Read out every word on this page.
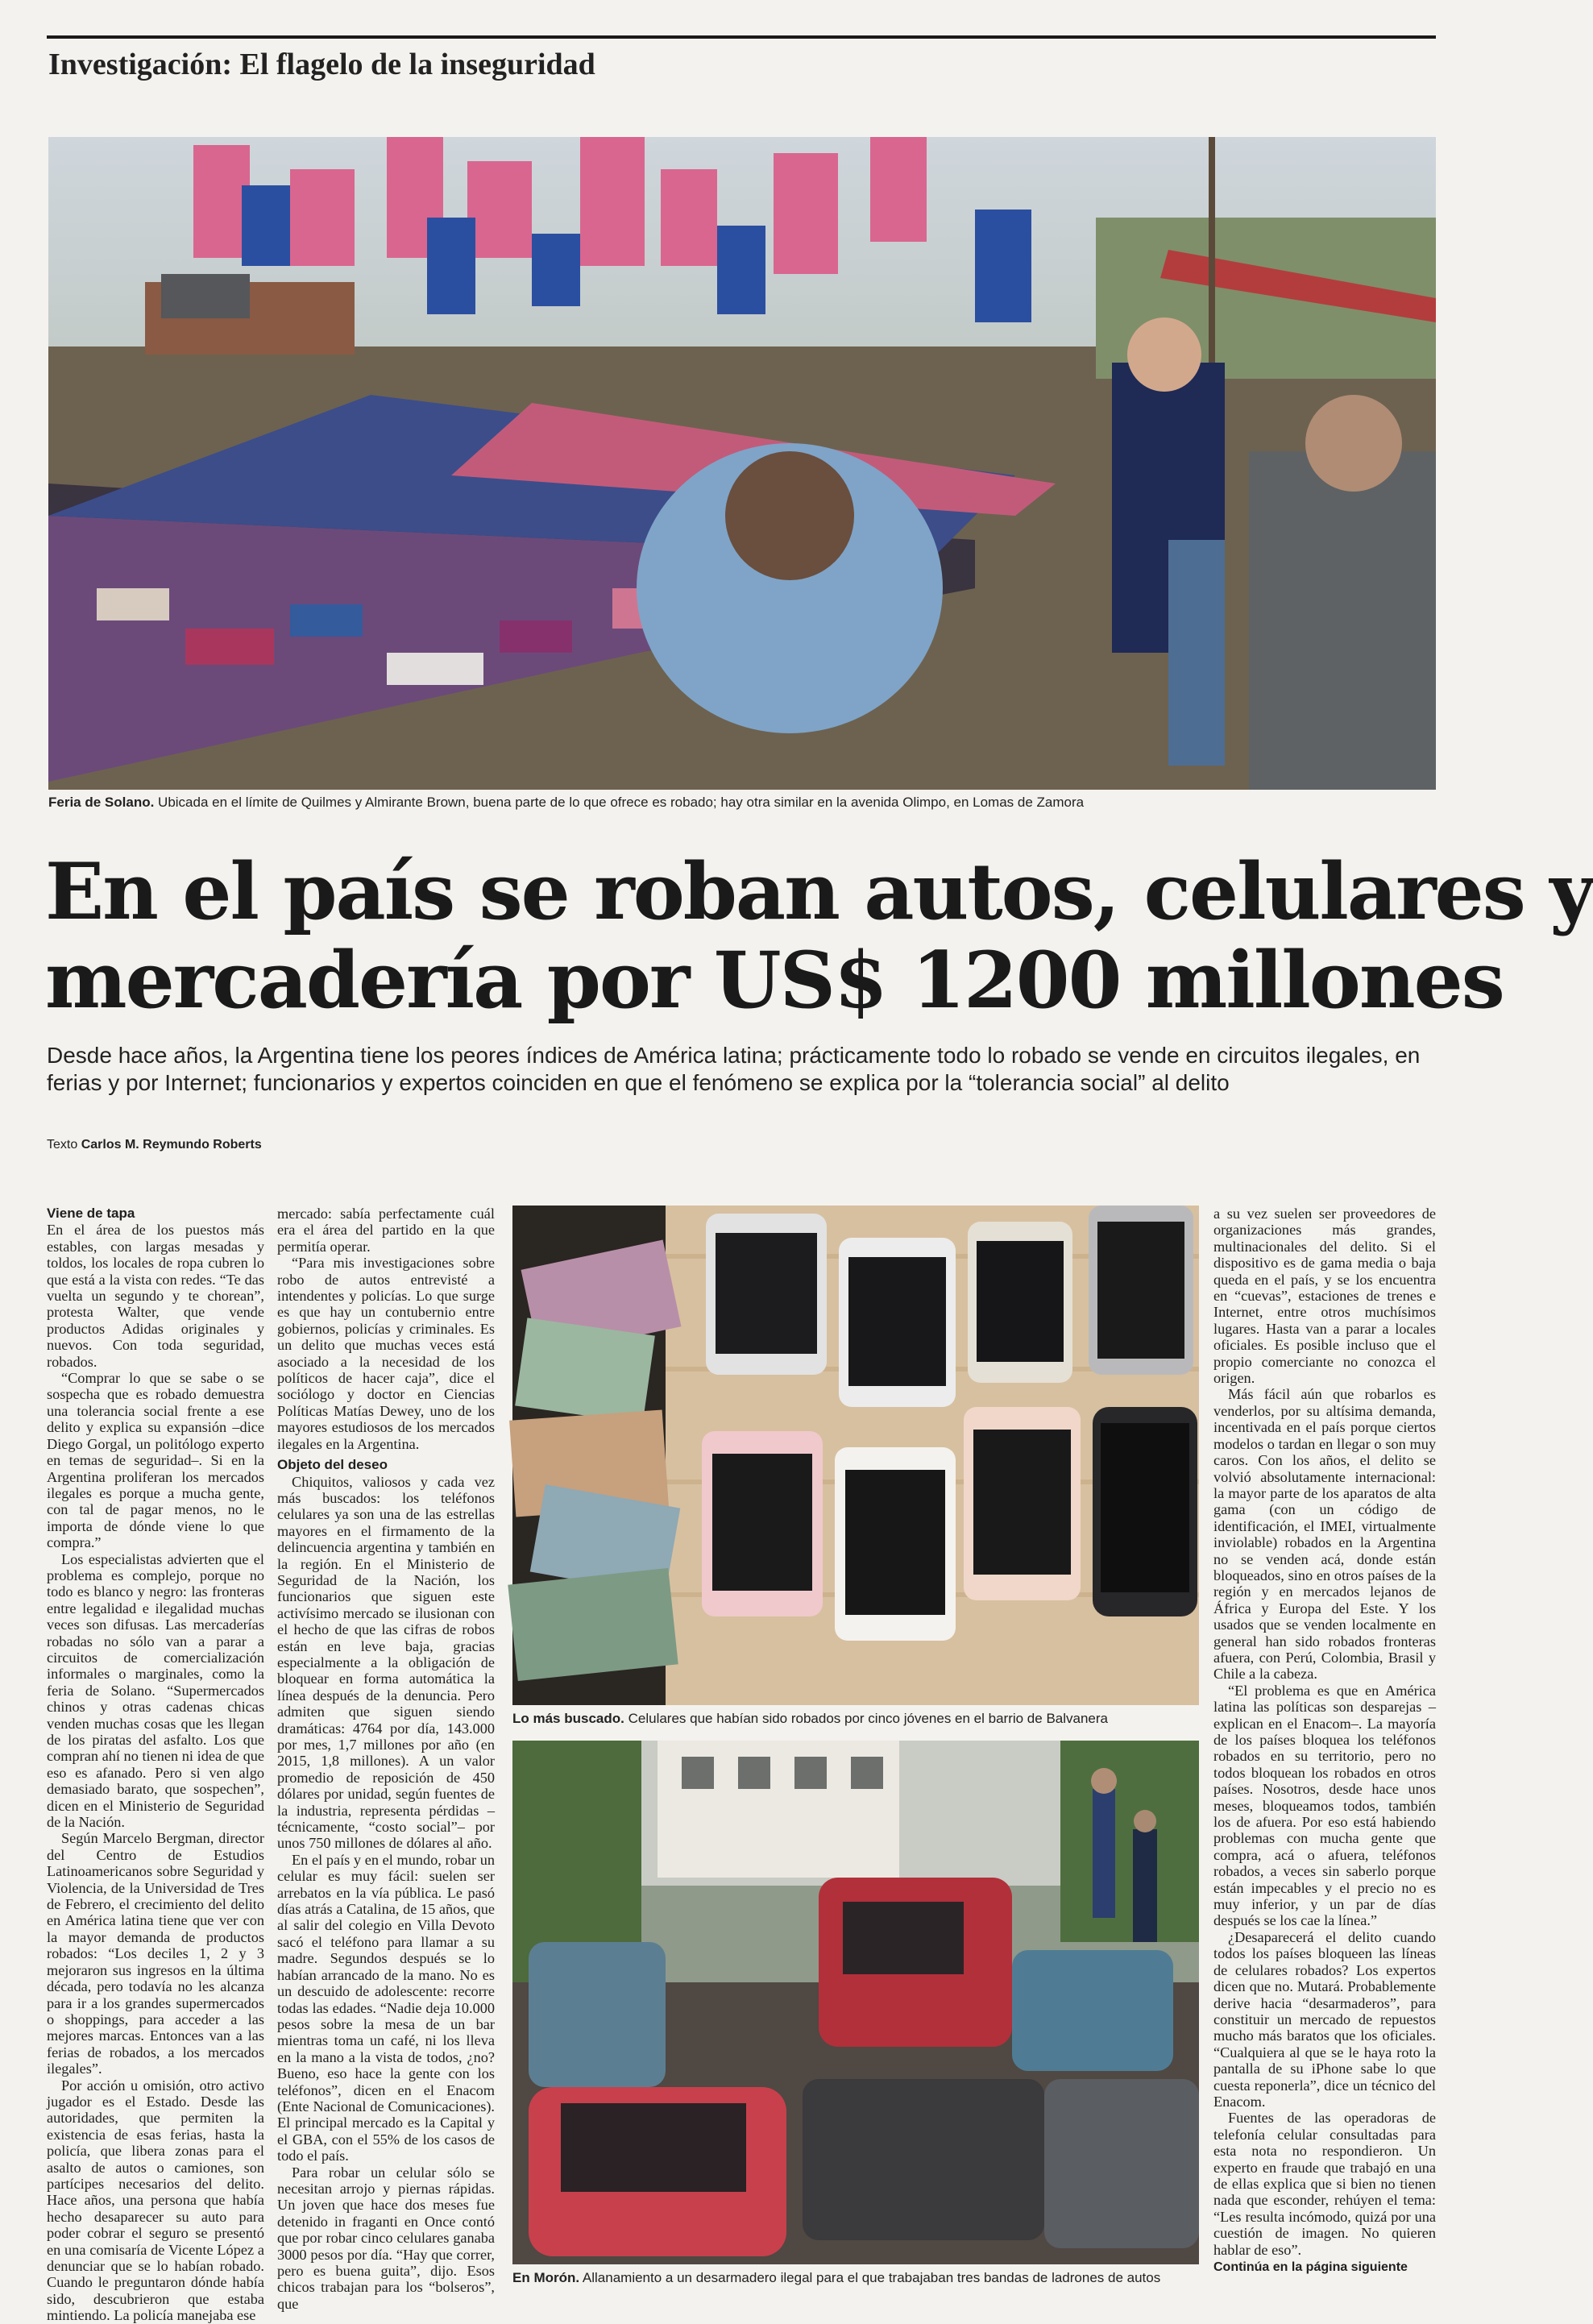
Investigación: El flagelo de la inseguridad
Feria de Solano. Ubicada en el límite de Quilmes y Almirante Brown, buena parte de lo que ofrece es robado; hay otra similar en la avenida Olimpo, en Lomas de Zamora
En el país se roban autos, celulares y
mercadería por US$ 1200 millones
Desde hace años, la Argentina tiene los peores índices de América latina; prácticamente todo lo robado se vende en circuitos ilegales, en ferias y por Internet; funcionarios y expertos coinciden en que el fenómeno se explica por la “tolerancia social” al delito
Texto Carlos M. Reymundo Roberts

Viene de tapa

En el área de los puestos más estables, con largas mesadas y toldos, los locales de ropa cubren lo que está a la vista con redes. “Te das vuelta un segundo y te chorean”, protesta Walter, que vende productos Adidas originales y nuevos. Con toda seguridad, robados.

“Comprar lo que se sabe o se sospecha que es robado demuestra una tolerancia social frente a ese delito y explica su expansión –dice Diego Gorgal, un politólogo experto en temas de seguridad–. Si en la Argentina proliferan los mercados ilegales es porque a mucha gente, con tal de pagar menos, no le importa de dónde viene lo que compra.”

Los especialistas advierten que el problema es complejo, porque no todo es blanco y negro: las fronteras entre legalidad e ilegalidad muchas veces son difusas. Las mercaderías robadas no sólo van a parar a circuitos de comercialización informales o marginales, como la feria de Solano. “Supermercados chinos y otras cadenas chicas venden muchas cosas que les llegan de los piratas del asfalto. Los que compran ahí no tienen ni idea de que eso es afanado. Pero si ven algo demasiado barato, que sospechen”, dicen en el Ministerio de Seguridad de la Nación.

Según Marcelo Bergman, director del Centro de Estudios Latinoamericanos sobre Seguridad y Violencia, de la Universidad de Tres de Febrero, el crecimiento del delito en América latina tiene que ver con la mayor demanda de productos robados: “Los deciles 1, 2 y 3 mejoraron sus ingresos en la última década, pero todavía no les alcanza para ir a los grandes supermercados o shoppings, para acceder a las mejores marcas. Entonces van a las ferias de robados, a los mercados ilegales”.

Por acción u omisión, otro activo jugador es el Estado. Desde las autoridades, que permiten la existencia de esas ferias, hasta la policía, que libera zonas para el asalto de autos o camiones, son partícipes necesarios del delito. Hace años, una persona que había hecho desaparecer su auto para poder cobrar el seguro se presentó en una comisaría de Vicente López a denunciar que se lo habían robado. Cuando le preguntaron dónde había sido, descubrieron que estaba mintiendo. La policía manejaba ese

mercado: sabía perfectamente cuál era el área del partido en la que permitía operar.

“Para mis investigaciones sobre robo de autos entrevisté a intendentes y policías. Lo que surge es que hay un contubernio entre gobiernos, policías y criminales. Es un delito que muchas veces está asociado a la necesidad de los políticos de hacer caja”, dice el sociólogo y doctor en Ciencias Políticas Matías Dewey, uno de los mayores estudiosos de los mercados ilegales en la Argentina.

Objeto del deseo

Chiquitos, valiosos y cada vez más buscados: los teléfonos celulares ya son una de las estrellas mayores en el firmamento de la delincuencia argentina y también en la región. En el Ministerio de Seguridad de la Nación, los funcionarios que siguen este activísimo mercado se ilusionan con el hecho de que las cifras de robos están en leve baja, gracias especialmente a la obligación de bloquear en forma automática la línea después de la denuncia. Pero admiten que siguen siendo dramáticas: 4764 por día, 143.000 por mes, 1,7 millones por año (en 2015, 1,8 millones). A un valor promedio de reposición de 450 dólares por unidad, según fuentes de la industria, representa pérdidas –técnicamente, “costo social”– por unos 750 millones de dólares al año.

En el país y en el mundo, robar un celular es muy fácil: suelen ser arrebatos en la vía pública. Le pasó días atrás a Catalina, de 15 años, que al salir del colegio en Villa Devoto sacó el teléfono para llamar a su madre. Segundos después se lo habían arrancado de la mano. No es un descuido de adolescente: recorre todas las edades. “Nadie deja 10.000 pesos sobre la mesa de un bar mientras toma un café, ni los lleva en la mano a la vista de todos, ¿no? Bueno, eso hace la gente con los teléfonos”, dicen en el Enacom (Ente Nacional de Comunicaciones). El principal mercado es la Capital y el GBA, con el 55% de los casos de todo el país.

Para robar un celular sólo se necesitan arrojo y piernas rápidas. Un joven que hace dos meses fue detenido in fraganti en Once contó que por robar cinco celulares ganaba 3000 pesos por día. “Hay que correr, pero es buena guita”, dijo. Esos chicos trabajan para los “bolseros”, que

Lo más buscado. Celulares que habían sido robados por cinco jóvenes en el barrio de Balvanera
En Morón. Allanamiento a un desarmadero ilegal para el que trabajaban tres bandas de ladrones de autos

a su vez suelen ser proveedores de organizaciones más grandes, multinacionales del delito. Si el dispositivo es de gama media o baja queda en el país, y se los encuentra en “cuevas”, estaciones de trenes e Internet, entre otros muchísimos lugares. Hasta van a parar a locales oficiales. Es posible incluso que el propio comerciante no conozca el origen.

Más fácil aún que robarlos es venderlos, por su altísima demanda, incentivada en el país porque ciertos modelos o tardan en llegar o son muy caros. Con los años, el delito se volvió absolutamente internacional: la mayor parte de los aparatos de alta gama (con un código de identificación, el IMEI, virtualmente inviolable) robados en la Argentina no se venden acá, donde están bloqueados, sino en otros países de la región y en mercados lejanos de África y Europa del Este. Y los usados que se venden localmente en general han sido robados fronteras afuera, con Perú, Colombia, Brasil y Chile a la cabeza.

“El problema es que en América latina las políticas son desparejas –explican en el Enacom–. La mayoría de los países bloquea los teléfonos robados en su territorio, pero no todos bloquean los robados en otros países. Nosotros, desde hace unos meses, bloqueamos todos, también los de afuera. Por eso está habiendo problemas con mucha gente que compra, acá o afuera, teléfonos robados, a veces sin saberlo porque están impecables y el precio no es muy inferior, y un par de días después se los cae la línea.”

¿Desaparecerá el delito cuando todos los países bloqueen las líneas de celulares robados? Los expertos dicen que no. Mutará. Probablemente derive hacia “desarmaderos”, para constituir un mercado de repuestos mucho más baratos que los oficiales. “Cualquiera al que se le haya roto la pantalla de su iPhone sabe lo que cuesta reponerla”, dice un técnico del Enacom.

Fuentes de las operadoras de telefonía celular consultadas para esta nota no respondieron. Un experto en fraude que trabajó en una de ellas explica que si bien no tienen nada que esconder, rehúyen el tema: “Les resulta incómodo, quizá por una cuestión de imagen. No quieren hablar de eso”.

Continúa en la página siguiente
